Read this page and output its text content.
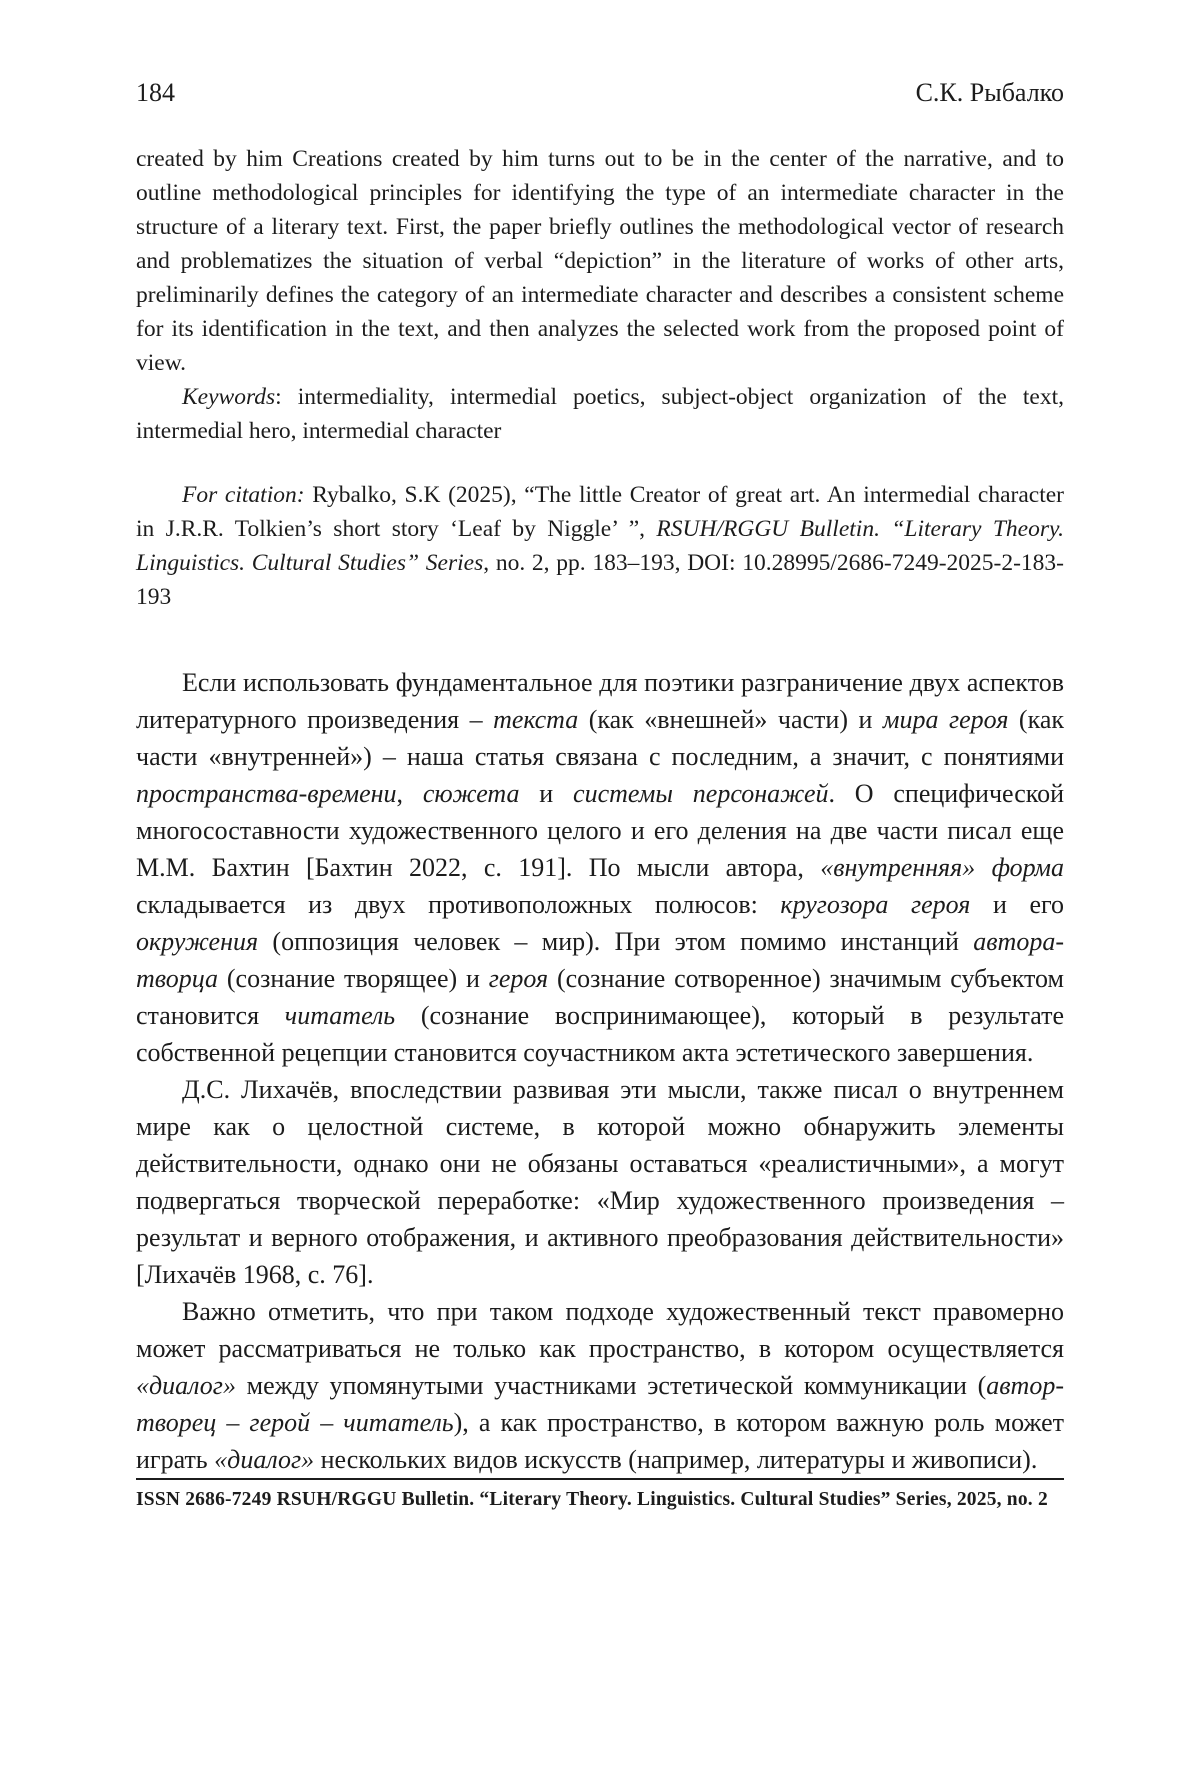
184	С.К. Рыбалко

created by him Creations created by him turns out to be in the center of the narrative, and to outline methodological principles for identifying the type of an intermediate character in the structure of a literary text. First, the paper briefly outlines the methodological vector of research and problematizes the situation of verbal “depiction” in the literature of works of other arts, preliminarily defines the category of an intermediate character and describes a consistent scheme for its identification in the text, and then analyzes the selected work from the proposed point of view.

Keywords: intermediality, intermedial poetics, subject-object organization of the text, intermedial hero, intermedial character

For citation: Rybalko, S.K (2025), “The little Creator of great art. An intermedial character in J.R.R. Tolkien’s short story ‘Leaf by Niggle’ ”, RSUH/RGGU Bulletin. “Literary Theory. Linguistics. Cultural Studies” Series, no. 2, pp. 183–193, DOI: 10.28995/2686-7249-2025-2-183-193

Если использовать фундаментальное для поэтики разграничение двух аспектов литературного произведения – текста (как «внешней» части) и мира героя (как части «внутренней») – наша статья связана с последним, а значит, с понятиями пространства-времени, сюжета и системы персонажей. О специфической многосоставности художественного целого и его деления на две части писал еще М.М. Бахтин [Бахтин 2022, с. 191]. По мысли автора, «внутренняя» форма складывается из двух противоположных полюсов: кругозора героя и его окружения (оппозиция человек – мир). При этом помимо инстанций автора-творца (сознание творящее) и героя (сознание сотворенное) значимым субъектом становится читатель (сознание воспринимающее), который в результате собственной рецепции становится соучастником акта эстетического завершения.

Д.С. Лихачёв, впоследствии развивая эти мысли, также писал о внутреннем мире как о целостной системе, в которой можно обнаружить элементы действительности, однако они не обязаны оставаться «реалистичными», а могут подвергаться творческой переработке: «Мир художественного произведения – результат и верного отображения, и активного преобразования действительности» [Лихачёв 1968, с. 76].

Важно отметить, что при таком подходе художественный текст правомерно может рассматриваться не только как пространство, в котором осуществляется «диалог» между упомянутыми участниками эстетической коммуникации (автор-творец – герой – читатель), а как пространство, в котором важную роль может играть «диалог» нескольких видов искусств (например, литературы и живописи).

ISSN 2686-7249 RSUH/RGGU Bulletin. “Literary Theory. Linguistics. Cultural Studies” Series, 2025, no. 2
